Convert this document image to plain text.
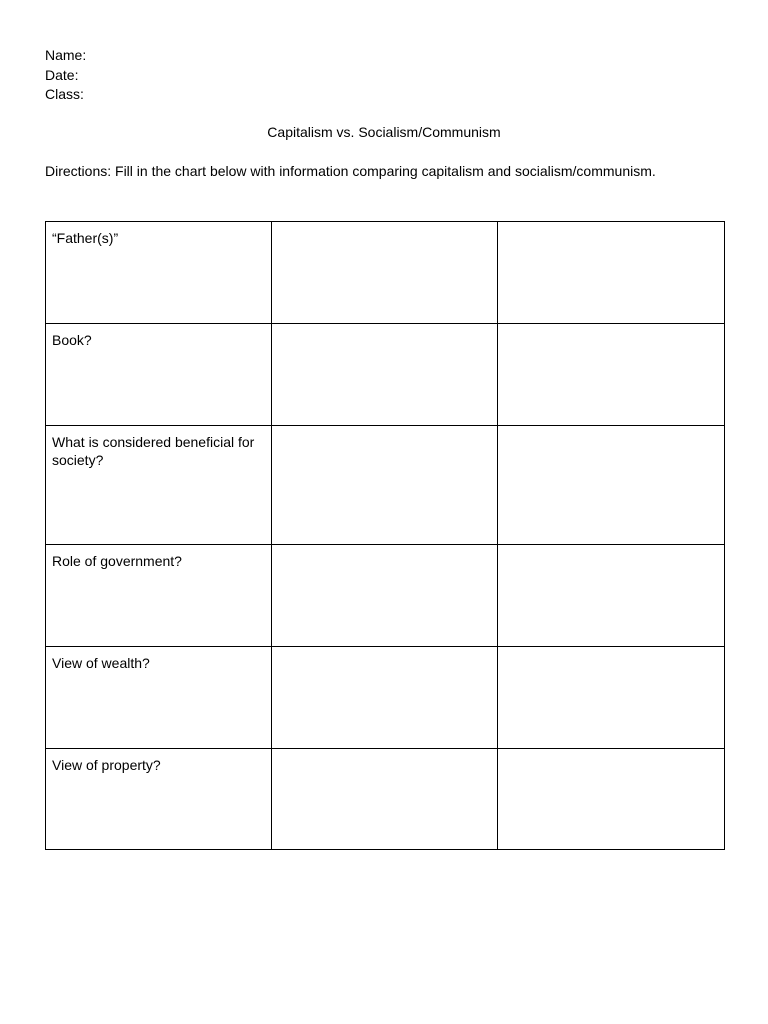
Name:
Date:
Class:
Capitalism vs. Socialism/Communism
Directions: Fill in the chart below with information comparing capitalism and socialism/communism.
“Father(s)”		
Book?		
What is considered beneficial for society?		
Role of government?		
View of wealth?		
View of property?		
